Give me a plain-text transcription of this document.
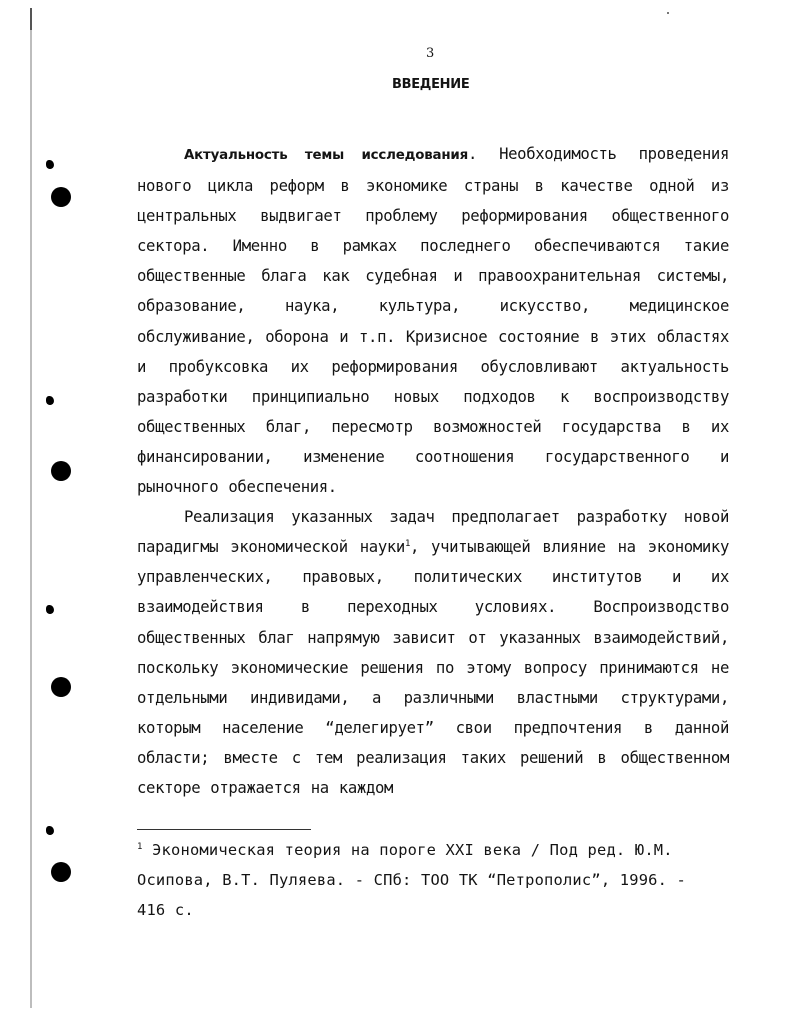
3
ВВЕДЕНИЕ

Актуальность темы исследования. Необходимость проведения нового цикла реформ в экономике страны в качестве одной из центральных выдвигает проблему реформирования общественного сектора. Именно в рамках последнего обеспечиваются такие общественные блага как судебная и правоохранительная системы, образование, наука, культура, искусство, медицинское обслуживание, оборона и т.п. Кризисное состояние в этих областях и пробуксовка их реформирования обусловливают актуальность разработки принципиально новых подходов к воспроизводству общественных благ, пересмотр возможностей государства в их финансировании, изменение соотношения государственного и рыночного обеспечения.

Реализация указанных задач предполагает разработку новой парадигмы экономической науки$^1$, учитывающей влияние на экономику управленческих, правовых, политических институтов и их взаимодействия в переходных условиях. Воспроизводство общественных благ напрямую зависит от указанных взаимодействий, поскольку экономические решения по этому вопросу принимаются не отдельными индивидами, а различными властными структурами, которым население “делегирует” свои предпочтения в данной области; вместе с тем реализация таких решений в общественном секторе отражается на каждом

$^1$ Экономическая теория на пороге XXI века / Под ред. Ю.М. Осипова, В.Т. Пуляева. - СПб: ТОО ТК “Петрополис”, 1996. - 416 с.
